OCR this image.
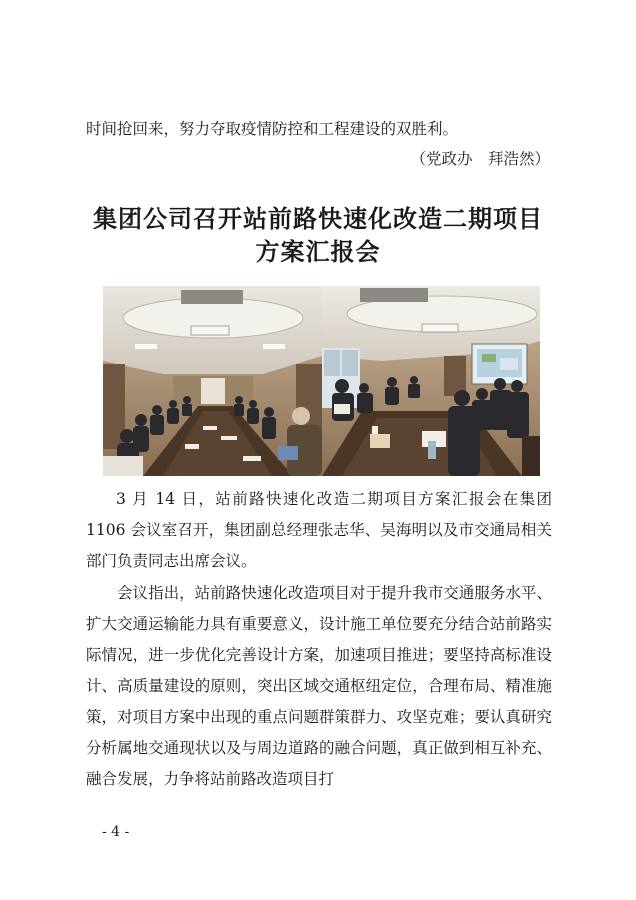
时间抢回来，努力夺取疫情防控和工程建设的双胜利。
（党政办　拜浩然）
集团公司召开站前路快速化改造二期项目
方案汇报会
3 月 14 日，站前路快速化改造二期项目方案汇报会在集团1106 会议室召开，集团副总经理张志华、吴海明以及市交通局相关部门负责同志出席会议。
会议指出，站前路快速化改造项目对于提升我市交通服务水平、扩大交通运输能力具有重要意义，设计施工单位要充分结合站前路实际情况，进一步优化完善设计方案，加速项目推进；要坚持高标准设计、高质量建设的原则，突出区域交通枢纽定位，合理布局、精准施策，对项目方案中出现的重点问题群策群力、攻坚克难；要认真研究分析属地交通现状以及与周边道路的融合问题，真正做到相互补充、融合发展，力争将站前路改造项目打
- 4 -
